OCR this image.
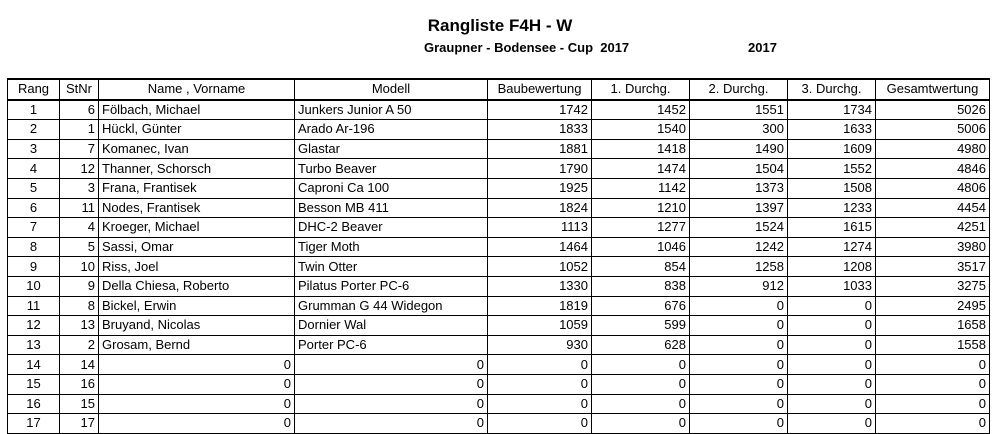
Rangliste F4H - W
Graupner - Bodensee - Cup  2017	2017
Rang	StNr	Name , Vorname	Modell	Baubewertung	1. Durchg.	2. Durchg.	3. Durchg.	Gesamtwertung
1	6	Fölbach, Michael	Junkers Junior A 50	1742	1452	1551	1734	5026
2	1	Hückl, Günter	Arado Ar-196	1833	1540	300	1633	5006
3	7	Komanec, Ivan	Glastar	1881	1418	1490	1609	4980
4	12	Thanner, Schorsch	Turbo Beaver	1790	1474	1504	1552	4846
5	3	Frana, Frantisek	Caproni Ca 100	1925	1142	1373	1508	4806
6	11	Nodes, Frantisek	Besson MB 411	1824	1210	1397	1233	4454
7	4	Kroeger, Michael	DHC-2 Beaver	1113	1277	1524	1615	4251
8	5	Sassi, Omar	Tiger Moth	1464	1046	1242	1274	3980
9	10	Riss, Joel	Twin Otter	1052	854	1258	1208	3517
10	9	Della Chiesa, Roberto	Pilatus Porter PC-6	1330	838	912	1033	3275
11	8	Bickel, Erwin	Grumman G 44 Widegon	1819	676	0	0	2495
12	13	Bruyand, Nicolas	Dornier Wal	1059	599	0	0	1658
13	2	Grosam, Bernd	Porter PC-6	930	628	0	0	1558
14	14	0	0	0	0	0	0	0
15	16	0	0	0	0	0	0	0
16	15	0	0	0	0	0	0	0
17	17	0	0	0	0	0	0	0
